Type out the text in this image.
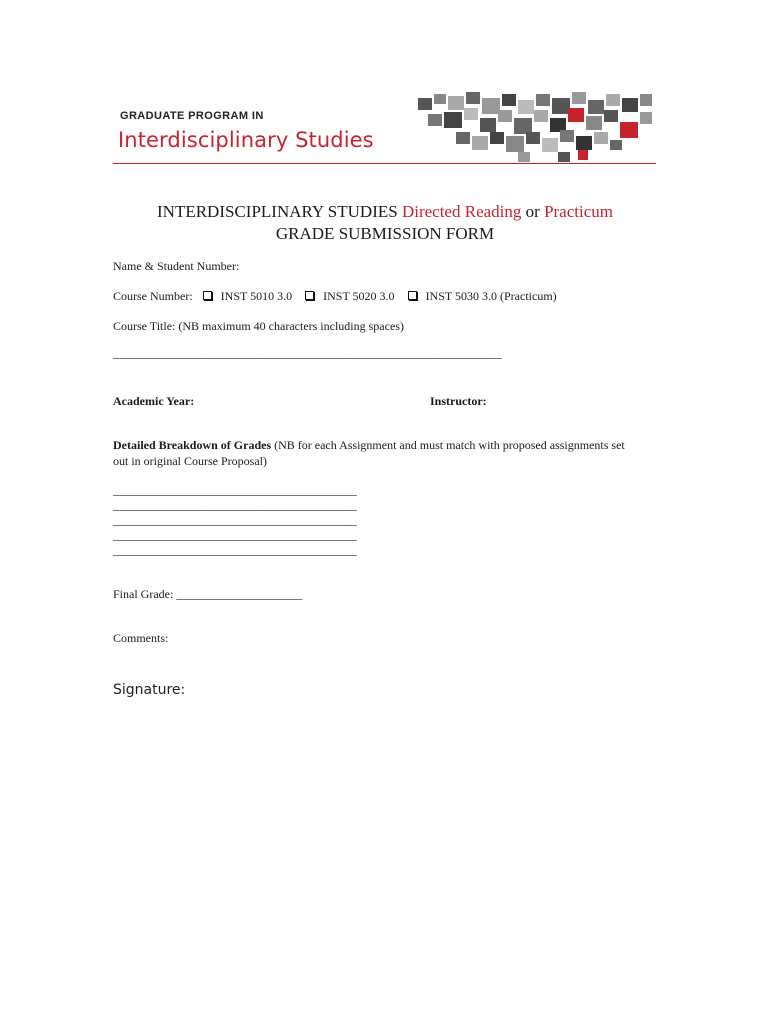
GRADUATE PROGRAM IN
Interdisciplinary Studies
INTERDISCIPLINARY STUDIES Directed Reading or Practicum
GRADE SUBMISSION FORM
Name & Student Number:
Course Number: INST 5010 3.0	INST 5020 3.0	INST 5030 3.0 (Practicum)
Course Title: (NB maximum 40 characters including spaces)
___________________________________________________________________
Academic Year:	Instructor:
Detailed Breakdown of Grades (NB for each Assignment and must match with proposed assignments set
out in original Course Proposal)
__________________________________________
__________________________________________
__________________________________________
__________________________________________
__________________________________________
Final Grade: _____________________
Comments:
Signature:
